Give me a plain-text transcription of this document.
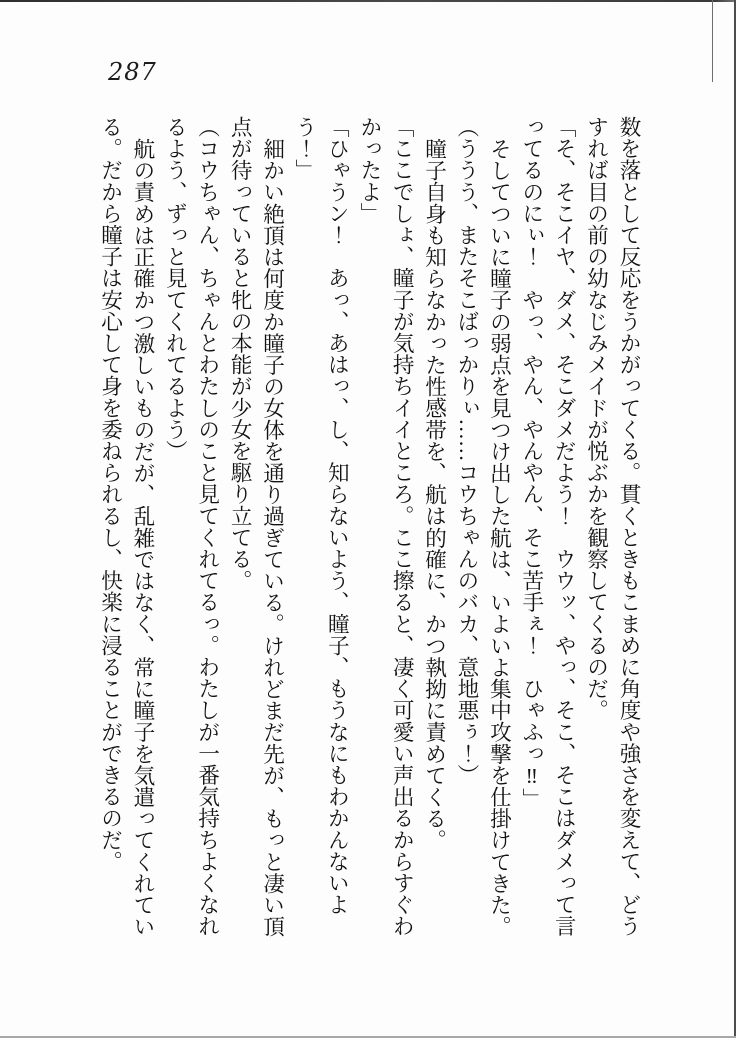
287

数を落として反応をうかがってくる。貫くときもこまめに角度や強さを変えて、どうすれば目の前の幼なじみメイドが悦ぶかを観察してくるのだ。

「そ、そこイヤ、ダメ、そこダメだよう！　ウウッ、やっ、そこ、そこはダメって言ってるのにぃ！　やっ、やん、やんやん、そこ苦手ぇ！　ひゃふっ‼」

そしてついに瞳子の弱点を見つけ出した航は、いよいよ集中攻撃を仕掛けてきた。

（ううう、またそこばっかりぃ……コウちゃんのバカ、意地悪ぅ！）

瞳子自身も知らなかった性感帯を、航は的確に、かつ執拗に責めてくる。

「ここでしょ、瞳子が気持ちイイところ。ここ擦ると、凄く可愛い声出るからすぐわかったよ」

「ひゃうン！　あっ、あはっ、し、知らないよう、瞳子、もうなにもわかんないよう！」

細かい絶頂は何度か瞳子の女体を通り過ぎている。けれどまだ先が、もっと凄い頂点が待っていると牝の本能が少女を駆り立てる。

（コウちゃん、ちゃんとわたしのこと見てくれてるっ。わたしが一番気持ちよくなれるよう、ずっと見てくれてるよう）

航の責めは正確かつ激しいものだが、乱雑ではなく、常に瞳子を気遣ってくれている。だから瞳子は安心して身を委ねられるし、快楽に浸ることができるのだ。
